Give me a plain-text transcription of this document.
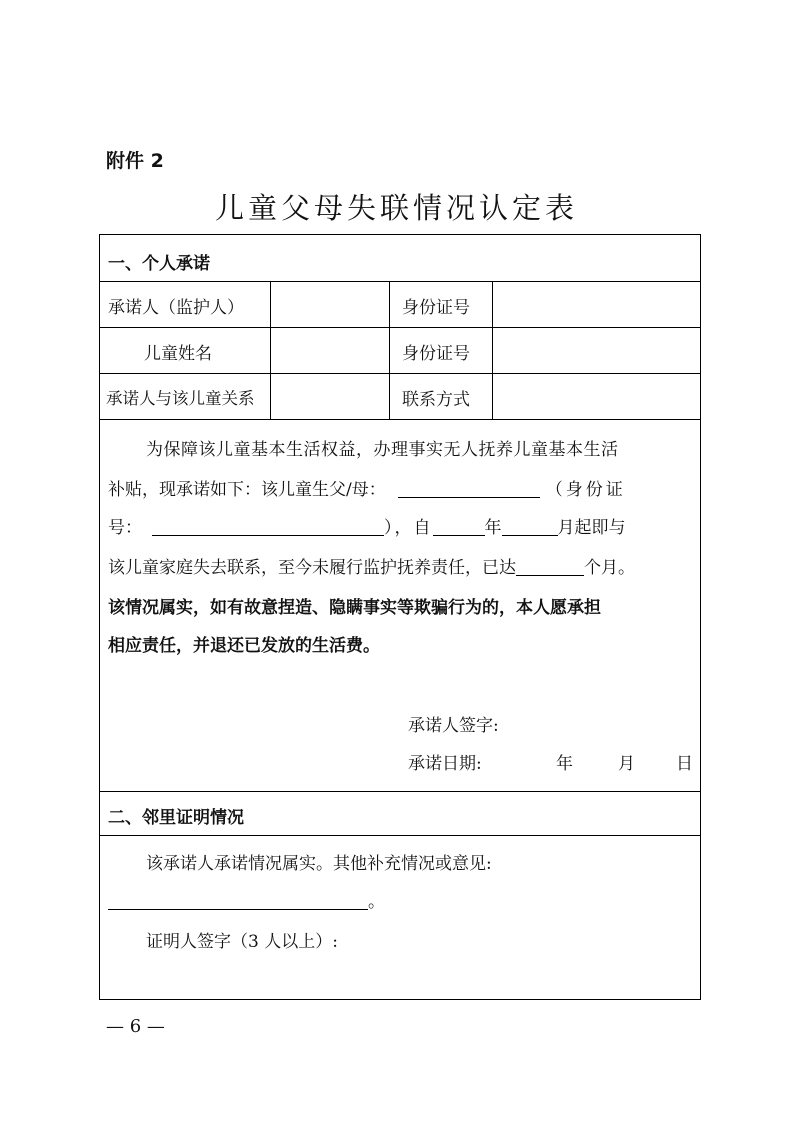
附件 2
儿童父母失联情况认定表
一、个人承诺
承诺人（监护人）	身份证号
儿童姓名	身份证号
承诺人与该儿童关系	联系方式
为保障该儿童基本生活权益，办理事实无人抚养儿童基本生活
补贴，现承诺如下：该儿童生父/母：	（身份证
号：	），自	年	月起即与
该儿童家庭失去联系，至今未履行监护抚养责任，已达	个月。
该情况属实，如有故意捏造、隐瞒事实等欺骗行为的，本人愿承担
相应责任，并退还已发放的生活费。
承诺人签字:
承诺日期:	年	月 日
二、邻里证明情况
该承诺人承诺情况属实。其他补充情况或意见:
。
证明人签字（3 人以上）:
— 6 —
